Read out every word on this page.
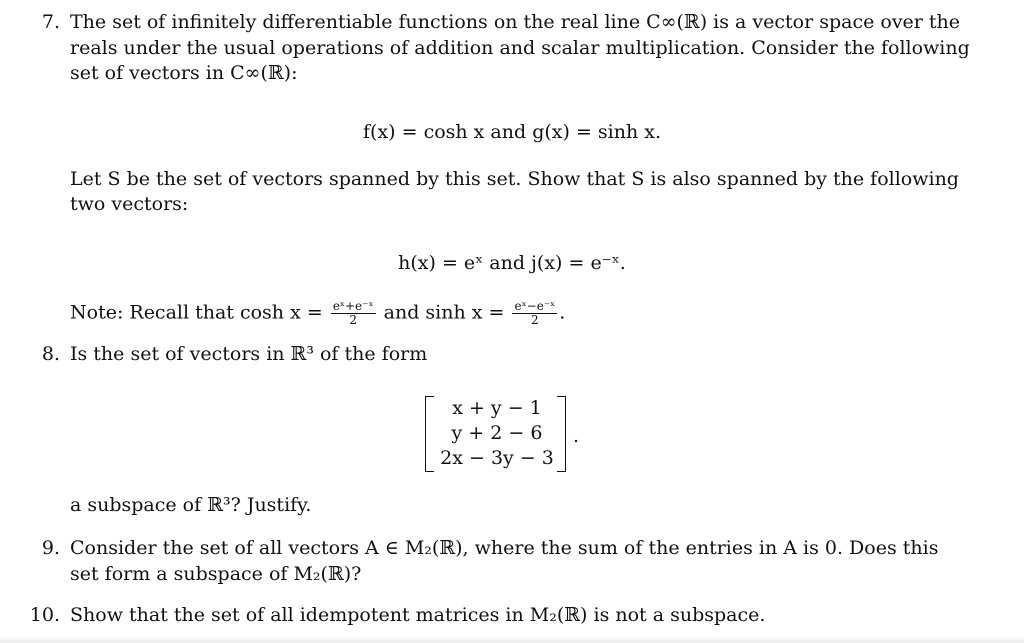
7. The set of infinitely differentiable functions on the real line C∞(ℝ) is a vector space over the
reals under the usual operations of addition and scalar multiplication. Consider the following
set of vectors in C∞(ℝ):
f(x) = cosh x and g(x) = sinh x.
Let S be the set of vectors spanned by this set. Show that S is also spanned by the following
two vectors:
h(x) = eˣ and j(x) = e⁻ˣ.
Note: Recall that $\cosh x = \frac{\text{eˣ+e⁻ˣ}}{2}$ and $\sinh x = \frac{\text{eˣ−e⁻ˣ}}{2}$ .
8. Is the set of vectors in ℝ³ of the form
x + y − 1
y + 2 − 6
2x − 3y − 3
.
a subspace of ℝ³? Justify.
9. Consider the set of all vectors A ∈ M₂(ℝ), where the sum of the entries in A is 0. Does this
set form a subspace of M₂(ℝ)?
10. Show that the set of all idempotent matrices in M₂(ℝ) is not a subspace.
